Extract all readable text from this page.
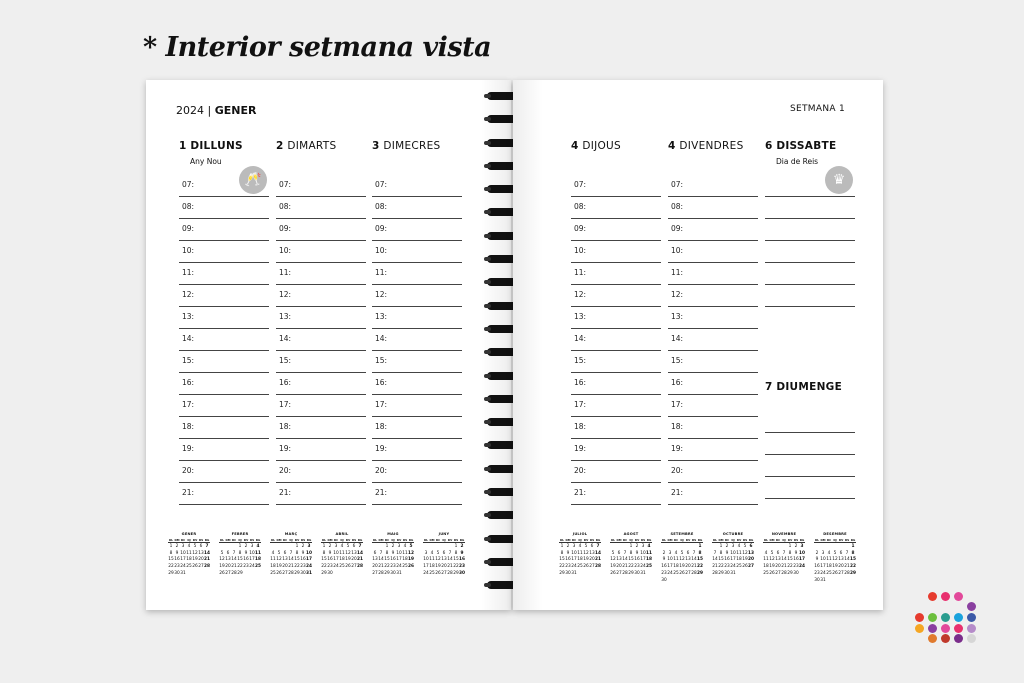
* Interior setmana vista
2024 | GENER
1 DILLUNS
Any Nou
🥂
07:
08:
09:
10:
11:
12:
13:
14:
15:
16:
17:
18:
19:
20:
21:
2 DIMARTS
07:
08:
09:
10:
11:
12:
13:
14:
15:
16:
17:
18:
19:
20:
21:
3 DIMECRES
07:
08:
09:
10:
11:
12:
13:
14:
15:
16:
17:
18:
19:
20:
21:
GENER
DL DM DC DJ DV DS DG
1 2 3 4 5 6 7
8 9 10 11 12 13 14
15 16 17 18 19 20 21
22 23 24 25 26 27 28
29 30 31
FEBRER
DL DM DC DJ DV DS DG
1 2 3 4
5 6 7 8 9 10 11
12 13 14 15 16 17 18
19 20 21 22 23 24 25
26 27 28 29
MARÇ
DL DM DC DJ DV DS DG
1 2 3
4 5 6 7 8 9 10
11 12 13 14 15 16 17
18 19 20 21 22 23 24
25 26 27 28 29 30 31
ABRIL
DL DM DC DJ DV DS DG
1 2 3 4 5 6 7
8 9 10 11 12 13 14
15 16 17 18 19 20 21
22 23 24 25 26 27 28
29 30
MAIG
DL DM DC DJ DV DS DG
1 2 3 4 5
6 7 8 9 10 11 12
13 14 15 16 17 18 19
20 21 22 23 24 25 26
27 28 29 30 31
JUNY
DL DM DC DJ DV DS DG
1 2
3 4 5 6 7 8 9
10 11 12 13 14 15 16
17 18 19 20 21 22 23
24 25 26 27 28 29 30
SETMANA 1
4 DIJOUS
07:
08:
09:
10:
11:
12:
13:
14:
15:
16:
17:
18:
19:
20:
21:
4 DIVENDRES
07:
08:
09:
10:
11:
12:
13:
14:
15:
16:
17:
18:
19:
20:
21:
6 DISSABTE
Dia de Reis
♛
7 DIUMENGE
JULIOL
DL DM DC DJ DV DS DG
1 2 3 4 5 6 7
8 9 10 11 12 13 14
15 16 17 18 19 20 21
22 23 24 25 26 27 28
29 30 31
AGOST
DL DM DC DJ DV DS DG
1 2 3 4
5 6 7 8 9 10 11
12 13 14 15 16 17 18
19 20 21 22 23 24 25
26 27 28 29 30 31
SETEMBRE
DL DM DC DJ DV DS DG
1
2 3 4 5 6 7 8
9 10 11 12 13 14 15
16 17 18 19 20 21 22
23 24 25 26 27 28 29
30
OCTUBRE
DL DM DC DJ DV DS DG
1 2 3 4 5 6
7 8 9 10 11 12 13
14 15 16 17 18 19 20
21 22 23 24 25 26 27
28 29 30 31
NOVEMBRE
DL DM DC DJ DV DS DG
1 2 3
4 5 6 7 8 9 10
11 12 13 14 15 16 17
18 19 20 21 22 23 24
25 26 27 28 29 30
DESEMBRE
DL DM DC DJ DV DS DG
1
2 3 4 5 6 7 8
9 10 11 12 13 14 15
16 17 18 19 20 21 22
23 24 25 26 27 28 29
30 31
